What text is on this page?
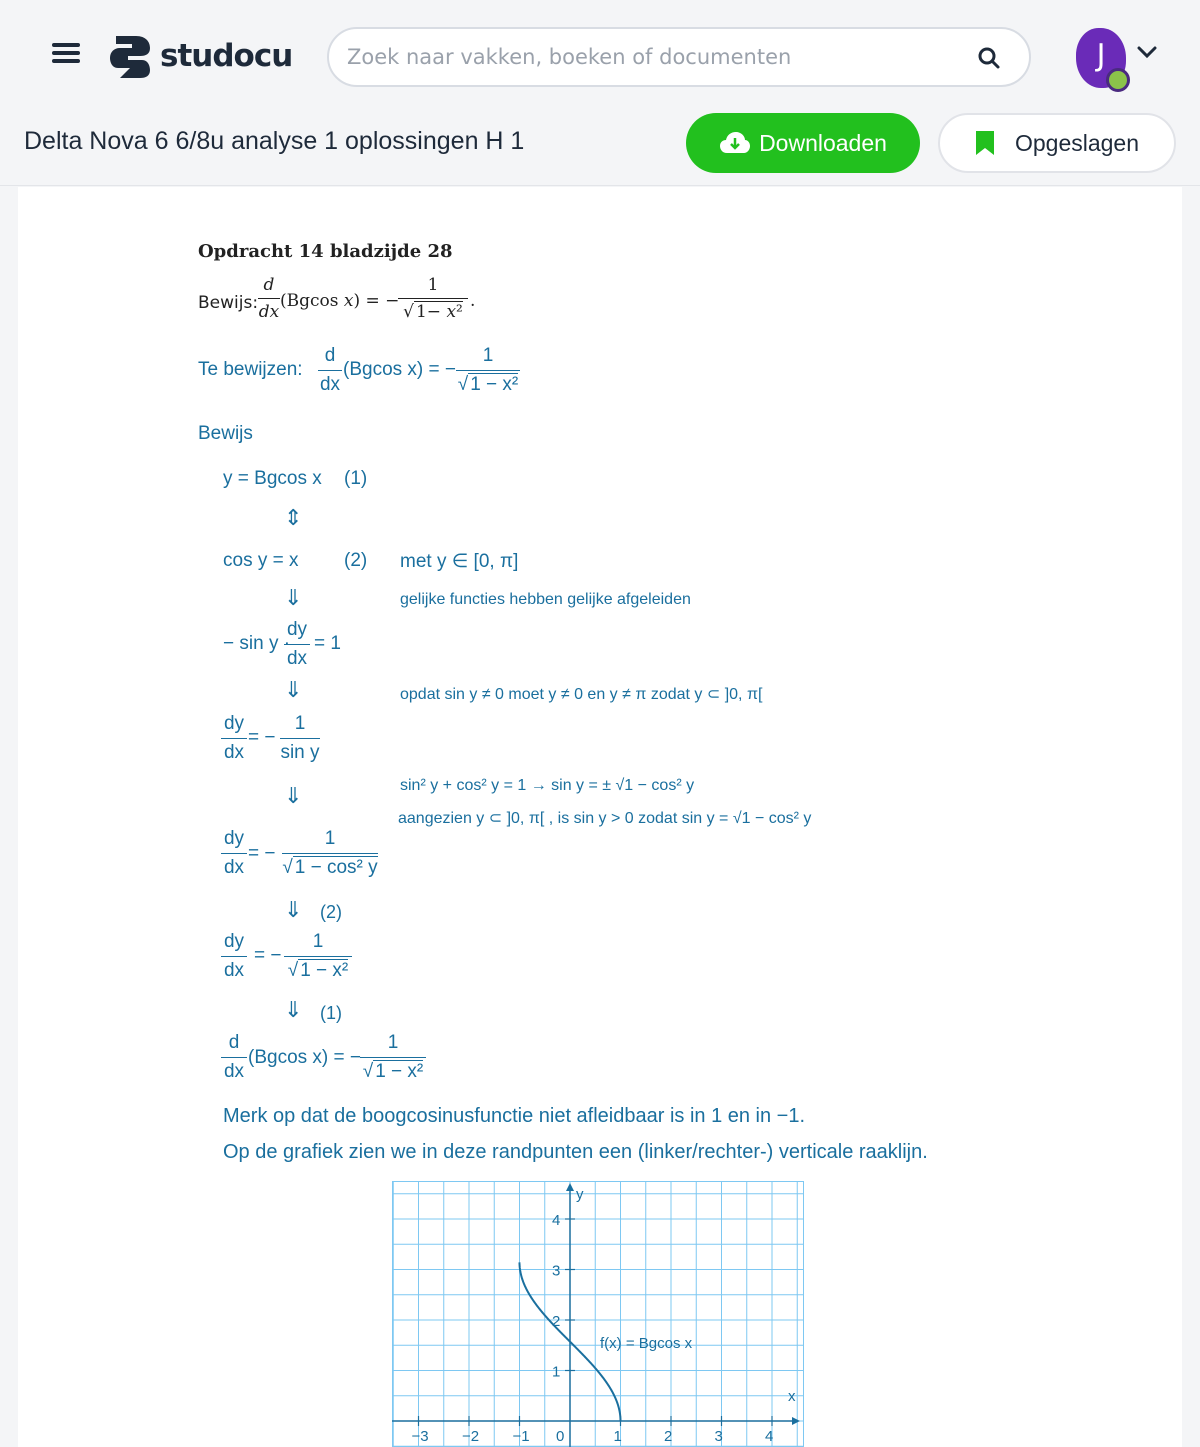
studocu
Zoek naar vakken, boeken of documenten	J
Delta Nova 6 6/8u analyse 1 oplossingen H 1	Downloaden	Opgeslagen
Opdracht 14 bladzijde 28
Bewijs:
d
dx
(Bgcos x) = −
1
√ 1− x²
.
Te bewijzen:
d
dx
(Bgcos x) = −
1
√ 1 − x²
Bewijs
y = Bgcos x (1)
⇕
cos y = x (2) met y ∈ [0, π]
⇓	gelijke functies hebben gelijke afgeleiden
− sin y ·
dy
dx
= 1
⇓	opdat sin y ≠ 0 moet y ≠ 0 en y ≠ π zodat y ⊂ ]0, π[
dy
dx
= −
1
sin y
sin² y + cos² y = 1 → sin y = ± √1 − cos² y
⇓
aangezien y ⊂ ]0, π[ , is sin y > 0 zodat sin y = √1 − cos² y
dy
dx
= −
1
√ 1 − cos² y
⇓ (2)
dy
dx
= −
1
√ 1 − x²
⇓ (1)
d
dx
(Bgcos x) = −
1
√ 1 − x²
Merk op dat de boogcosinusfunctie niet afleidbaar is in 1 en in −1.
Op de grafiek zien we in deze randpunten een (linker/rechter-) verticale raaklijn.
x
y
−3 −2 −1 0	1	2	3	4
1
2
3
4
f(x) = Bgcos x
